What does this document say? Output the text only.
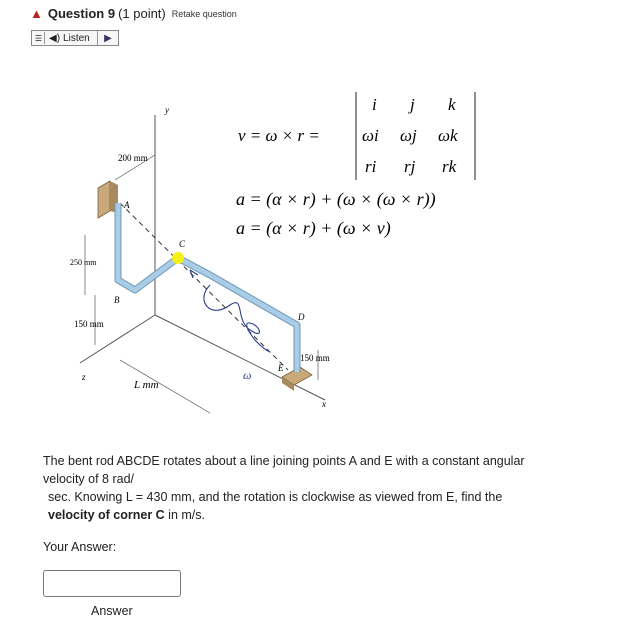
▲ Question 9 (1 point) Retake question
☰ ◀) Listen	▶
y
x
z
200 mm
250 mm
150 mm
150 mm
L mm
A
B
C
D
E
ω
v = ω × r =
i j k
ωi ωj ωk
ri rj rk
a = (α × r) + (ω × (ω × r))
a = (α × r) + (ω × v)
The bent rod ABCDE rotates about a line joining points A and E with a constant angular velocity of 8 rad/
sec. Knowing L = 430 mm, and the rotation is clockwise as viewed from E, find the velocity of corner C in m/s.
Your Answer:
Answer
